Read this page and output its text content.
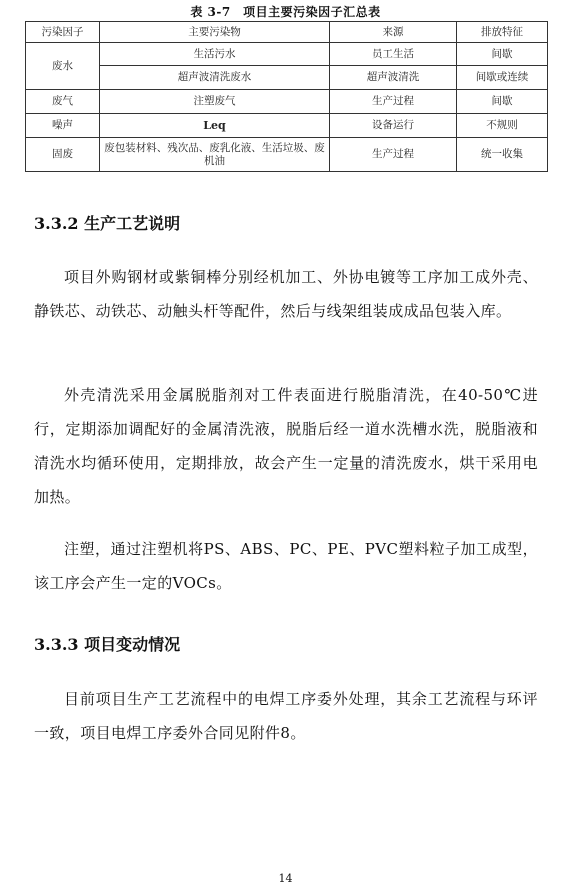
表 3-7　项目主要污染因子汇总表
污染因子	主要污染物	来源	排放特征
废水	生活污水	员工生活	间歇
	超声波清洗废水	超声波清洗	间歇或连续
废气	注塑废气	生产过程	间歇
噪声	Leq	设备运行	不规则
固废	废包装材料、残次品、废乳化液、生活垃圾、废机油	生产过程	统一收集
3.3.2 生产工艺说明

项目外购钢材或紫铜棒分别经机加工、外协电镀等工序加工成外壳、静铁芯、动铁芯、动触头杆等配件，然后与线架组装成成品包装入库。

外壳清洗采用金属脱脂剂对工件表面进行脱脂清洗，在40-50℃进行，定期添加调配好的金属清洗液，脱脂后经一道水洗槽水洗，脱脂液和清洗水均循环使用，定期排放，故会产生一定量的清洗废水，烘干采用电加热。

注塑，通过注塑机将PS、ABS、PC、PE、PVC塑料粒子加工成型，该工序会产生一定的VOCs。

3.3.3 项目变动情况

目前项目生产工艺流程中的电焊工序委外处理，其余工艺流程与环评一致，项目电焊工序委外合同见附件8。

14
